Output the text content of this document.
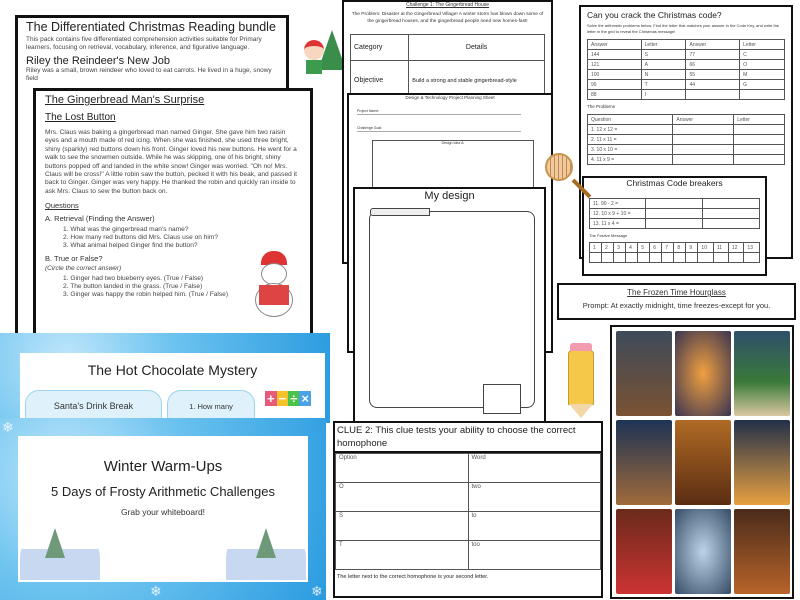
The Differentiated Christmas Reading bundle

This pack contains five differentiated comprehension activities suitable for Primary learners, focusing on retrieval, vocabulary, inference, and figurative language.

Riley the Reindeer's New Job

Riley was a small, brown reindeer who loved to eat carrots. He lived in a huge, snowy field

The Gingerbread Man's Surprise
The Lost Button

Mrs. Claus was baking a gingerbread man named Ginger. She gave him two raisin eyes and a mouth made of red icing. When she was finished, she used three bright, shiny (sparkly) red buttons down his front. Ginger loved his new buttons. He went for a walk to see the snowmen outside. While he was skipping, one of his bright, shiny buttons popped off and landed in the white snow! Ginger was worried. "Oh no! Mrs. Claus will be cross!" A little robin saw the button, pecked it with his beak, and passed it back to Ginger. Ginger was very happy. He thanked the robin and quickly ran inside to ask Mrs. Claus to sew the button back on.

Questions

A. Retrieval (Finding the Answer)

1. What was the gingerbread man's name?

2. How many red buttons did Mrs. Claus use on him?

3. What animal helped Ginger find the button?

B. True or False?

(Circle the correct answer)

1. Ginger had two blueberry eyes. (True / False)

2. The button landed in the grass. (True / False)

3. Ginger was happy the robin helped him. (True / False)

Challenge 1: The Gingerbread House

The Problem: Disaster at the Gingerbread Village! A winter storm has blown down some of the gingerbread houses, and the gingerbread people need new homes-fast!

Category	Details
Objective	Build a strong and stable gingerbread-style

Design & Technology Project Planning Sheet

Project Name:

Challenge Goal:

Design Idea A:

My design
Can you crack the Christmas code?

Solve the arithmetic problems below. Find the letter that matches your answer in the Code Key, and write the letter in the grid to reveal the Christmas message!

Answer	Letter	Answer	Letter
144	S	77	C
121	A	66	O
100	N	55	M
99	T	44	G
88	I		

The Problems

Question	Answer	Letter
1. 12 x 12 =		
2. 11 x 11 =		
3. 10 x 10 =		
4. 11 x 9 =		
Christmas Code breakers
11. 90 - 2 =		
12. 10 x 9 + 10 =		
13. 11 x 4 =		

The Festive Message

1	2	3	4	5	6	7	8	9	10	11	12	13

The Frozen Time Hourglass

Prompt: At exactly midnight, time freezes-except for you.

The Hot Chocolate Mystery
Santa's Drink Break	1. How many
+ − ÷ ×
❄
❄
❄
Winter Warm-Ups
5 Days of Frosty Arithmetic Challenges

Grab your whiteboard!

CLUE 2: This clue tests your ability to choose the correct homophone
Option	Word
O	two
S	to
T	too

The letter next to the correct homophone is your second letter.
